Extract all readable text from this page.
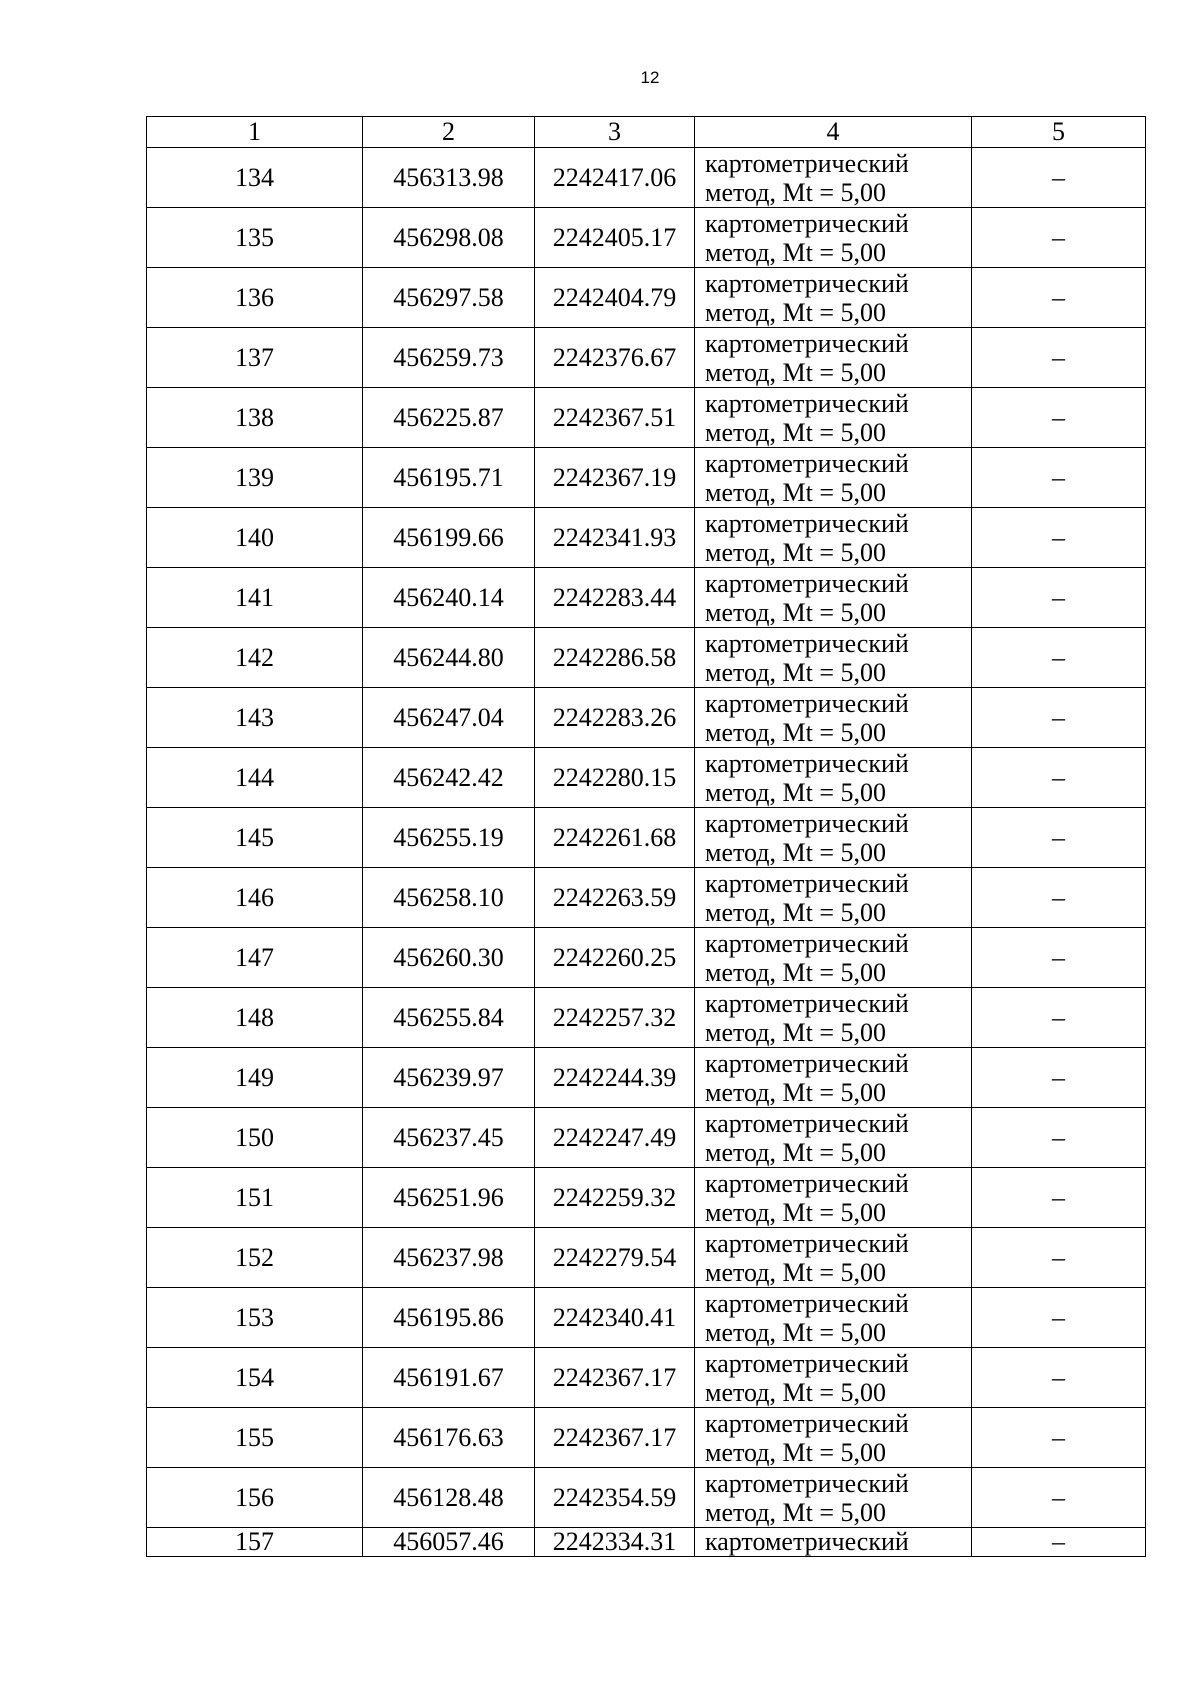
12
1	2	3	4	5
134	456313.98	2242417.06	картометрический
метод, Mt = 5,00	–
135	456298.08	2242405.17	картометрический
метод, Mt = 5,00	–
136	456297.58	2242404.79	картометрический
метод, Mt = 5,00	–
137	456259.73	2242376.67	картометрический
метод, Mt = 5,00	–
138	456225.87	2242367.51	картометрический
метод, Mt = 5,00	–
139	456195.71	2242367.19	картометрический
метод, Mt = 5,00	–
140	456199.66	2242341.93	картометрический
метод, Mt = 5,00	–
141	456240.14	2242283.44	картометрический
метод, Mt = 5,00	–
142	456244.80	2242286.58	картометрический
метод, Mt = 5,00	–
143	456247.04	2242283.26	картометрический
метод, Mt = 5,00	–
144	456242.42	2242280.15	картометрический
метод, Mt = 5,00	–
145	456255.19	2242261.68	картометрический
метод, Mt = 5,00	–
146	456258.10	2242263.59	картометрический
метод, Mt = 5,00	–
147	456260.30	2242260.25	картометрический
метод, Mt = 5,00	–
148	456255.84	2242257.32	картометрический
метод, Mt = 5,00	–
149	456239.97	2242244.39	картометрический
метод, Mt = 5,00	–
150	456237.45	2242247.49	картометрический
метод, Mt = 5,00	–
151	456251.96	2242259.32	картометрический
метод, Mt = 5,00	–
152	456237.98	2242279.54	картометрический
метод, Mt = 5,00	–
153	456195.86	2242340.41	картометрический
метод, Mt = 5,00	–
154	456191.67	2242367.17	картометрический
метод, Mt = 5,00	–
155	456176.63	2242367.17	картометрический
метод, Mt = 5,00	–
156	456128.48	2242354.59	картометрический
метод, Mt = 5,00	–
157	456057.46	2242334.31	картометрический	–
